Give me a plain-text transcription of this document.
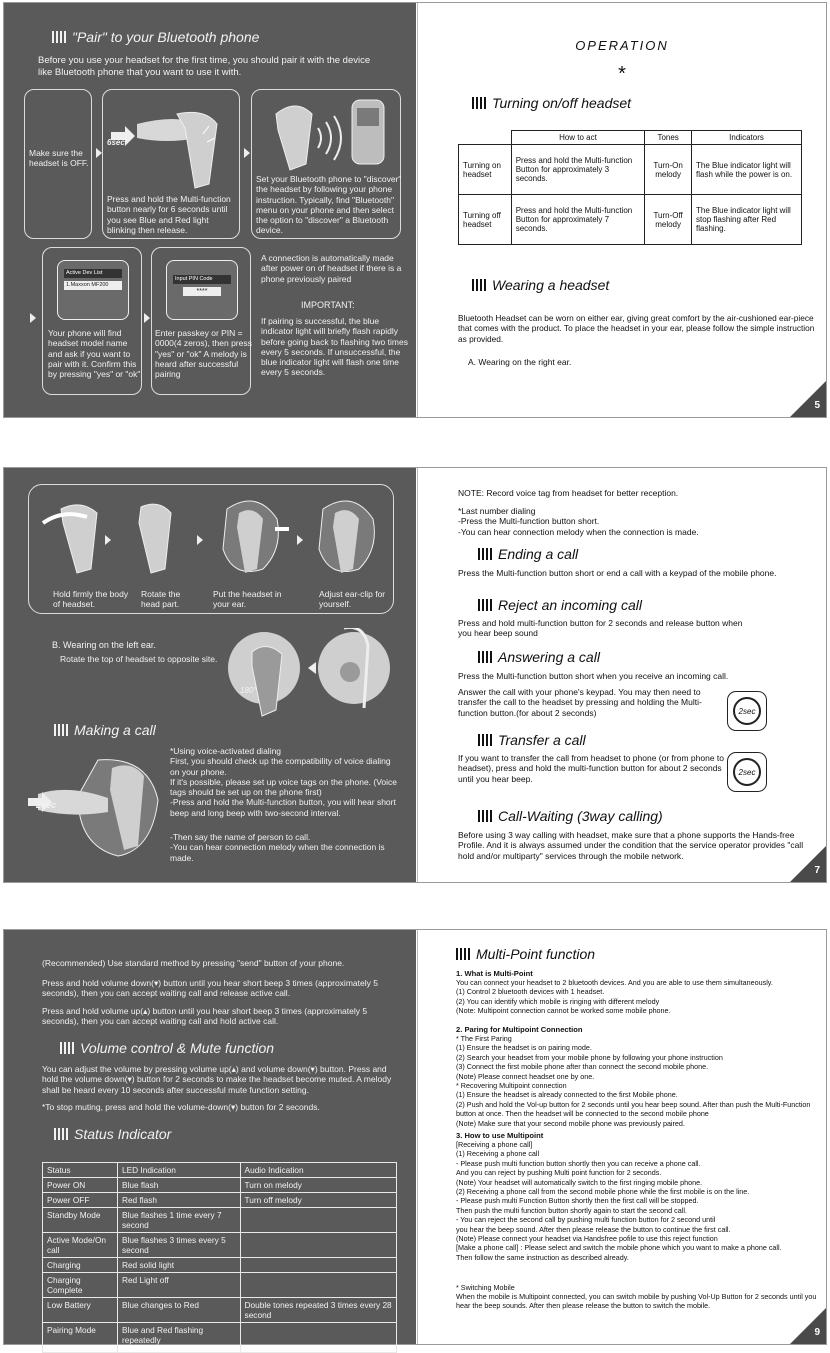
"Pair" to your Bluetooth phone
Before you use your headset for the first time, you should pair it with the device like Bluetooth phone that you want to use it with.
Make sure the headset is OFF.
6sec
Press and hold the Multi-function button nearly for 6 seconds until you see Blue and Red light blinking then release.
Set your Bluetooth phone to "discover" the headset by following your phone instruction. Typically, find "Bluetooth" menu on your phone and then select the option to "discover" a Bluetooth device.
Active Dev List
1.Maxxon MF200
Your phone will find headset model name and ask if you want to pair with it. Confirm this by pressing "yes" or "ok"
Input PIN Code
****
Enter passkey or PIN = 0000(4 zeros), then press "yes" or "ok" A melody is heard after successful pairing
A connection is automatically made after power on of headset if there is a phone previously paired
IMPORTANT:
If pairing is successful, the blue indicator light will briefly flash rapidly before going back to flashing two times every 5 seconds. If unsuccessful, the blue indicator light will flash one time every 5 seconds.
OPERATION
*
Turning on/off headset
	How to act	Tones	Indicators
Turning on headset	Press and hold the Multi-function Button for approximately 3 seconds.	Turn-On melody	The Blue indicator light will flash while the power is on.
Turning off headset	Press and hold the Multi-function Button for approximately 7 seconds.	Turn-Off melody	The Blue indicator light will stop flashing after Red flashing.
Wearing a headset
Bluetooth Headset can be worn on either ear, giving great comfort by the air-cushioned ear-piece that comes with the product. To place the headset in your ear, please follow the simple instruction as provided.
A. Wearing on the right ear.
5
Hold firmly the body of headset.
Rotate the head part.
Put the headset in your ear.
Adjust ear-clip for yourself.
B. Wearing on the left ear.
Rotate the top of headset to opposite site.
180°
Making a call
2sec
*Using voice-activated dialing
First, you should check up the compatibility of voice dialing on your phone.
If it's possible, please set up voice tags on the phone. (Voice tags should be set up on the phone first)
-Press and hold the Multi-function button, you will hear short beep and long beep with two-second interval.
-Then say the name of person to call.
-You can hear connection melody when the connection is made.
NOTE: Record voice tag from headset for better reception.
*Last number dialing
-Press the Multi-function button short.
-You can hear connection melody when the connection is made.
Ending a call
Press the Multi-function button short or end a call with a keypad of the mobile phone.
Reject an incoming call
Press and hold multi-function button for 2 seconds and release button when you hear beep sound
Answering a call
Press the Multi-function button short when you receive an incoming call.
Answer the call with your phone's keypad. You may then need to transfer the call to the headset by pressing and holding the Multi-function button.(for about 2 seconds)	2sec
Transfer a call
If you want to transfer the call from headset to phone (or from phone to headset), press and hold the multi-function button for about 2 seconds until you hear beep.
2sec
Call-Waiting (3way calling)
Before using 3 way calling with headset, make sure that a phone supports the Hands-free Profile. And it is always assumed under the condition that the service operator provides "call hold and/or multiparty" services through the mobile network.
7
(Recommended) Use standard method by pressing "send" button of your phone.
Press and hold volume down(▾) button until you hear short beep 3 times (approximately 5 seconds), then you can accept waiting call and release active call.
Press and hold volume up(▴) button until you hear short beep 3 times (approximately 5 seconds), then you can accept waiting call and hold active call.
Volume control & Mute function
You can adjust the volume by pressing volume up(▴) and volume down(▾) button. Press and hold the volume down(▾) button for 2 seconds to make the headset become muted. A melody shall be heard every 10 seconds after successful mute function setting.
*To stop muting, press and hold the volume-down(▾) button for 2 seconds.
Status Indicator
Status	LED Indication	Audio Indication
Power ON	Blue flash	Turn on melody
Power OFF	Red flash	Turn off melody
Standby Mode	Blue flashes 1 time every 7 second	
Active Mode/On call	Blue flashes 3 times every 5 second	
Charging	Red solid light	
Charging Complete	Red Light off	
Low Battery	Blue changes to Red	Double tones repeated 3 times every 28 second
Pairing Mode	Blue and Red flashing repeatedly	
Multi-Point function
1. What is Multi-Point
You can connect your headset to 2 bluetooth devices. And you are able to use them simultaneously.
(1) Control 2 bluetooth devices with 1 headset.
(2) You can identify which mobile is ringing with different melody
(Note: Multipoint connection cannot be worked some mobile phone.
2. Paring for Multipoint Connection
* The First Paring
(1) Ensure the headset is on pairing mode.
(2) Search your headset from your mobile phone by following your phone instruction
(3) Connect the first mobile phone after than connect the second mobile phone.
(Note) Please connect headset one by one.
* Recovering Multipoint connection
(1) Ensure the headset is already connected to the first Mobile phone.
(2) Push and hold the Vol-up button for 2 seconds until you hear beep sound. After than push the Multi-Function button at once. Then the headset will be connected to the second mobile phone
(Note) Make sure that your second mobile phone was previously paired.
3. How to use Multipoint
[Receiving a phone call]
(1) Receiving a phone call
- Please push multi function button shortly then you can receive a phone call.
And you can reject by pushing Multi point function for 2 seconds.
(Note) Your headset will automatically switch to the first ringing mobile phone.
(2) Receiving a phone call from the second mobile phone while the first mobile is on the line.
- Please push multi Function Button shortly then the first call will be stopped.
Then push the multi function button shortly again to start the second call.
- You can reject the second call by pushing multi function button for 2 second until
you hear the beep sound. After then please release the button to continue the first call.
(Note) Please connect your headset via Handsfree pofile to use this reject function
[Make a phone call] : Please select and switch the mobile phone which you want to make a phone call.
Then follow the same instruction as described already.
* Switching Mobile
When the mobile is Multipoint connected, you can switch mobile by pushing Vol-Up Button for 2 seconds until you hear the beep sounds. After then please release the button to switch the mobile.
9
